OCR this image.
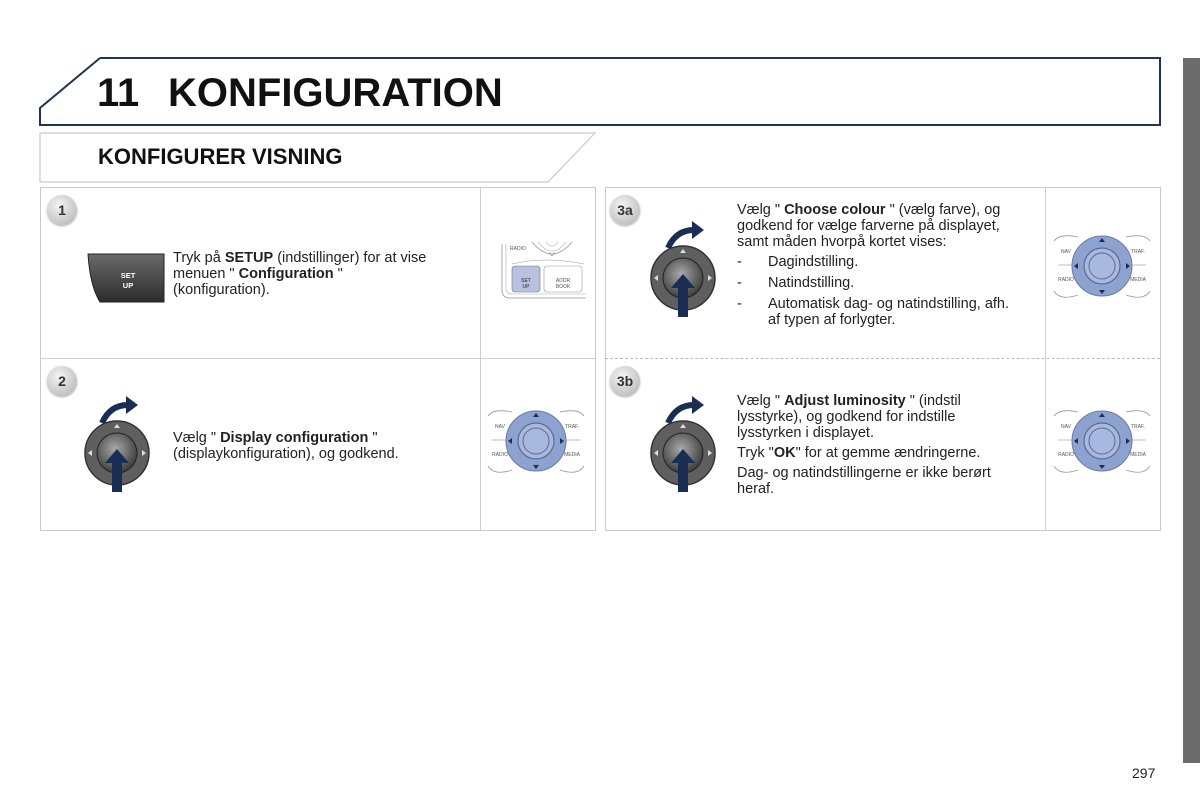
11 KONFIGURATION
KONFIGURER VISNING
1
SET
UP
Tryk på SETUP (indstillinger) for at vise menuen " Configuration " (konfiguration).
RADIO
SET
UP
ADDR
BOOK
2
Vælg " Display configuration " (displaykonfiguration), og godkend.
NAV	TRAF.
RADIO	MEDIA
3a	Vælg " Choose colour " (vælg farve), og godkend for vælge farverne på displayet, samt måden hvorpå kortet vises:

- Dagindstilling.
- Natindstilling.
- Automatisk dag- og natindstilling, afh. af typen af forlygter.
NAV	TRAF.
RADIO	MEDIA
3b

Vælg " Adjust luminosity " (indstil lysstyrke), og godkend for indstille lysstyrken i displayet.

Tryk "OK" for at gemme ændringerne.

Dag- og natindstillingerne er ikke berørt heraf.

NAV	TRAF.
RADIO	MEDIA
297
